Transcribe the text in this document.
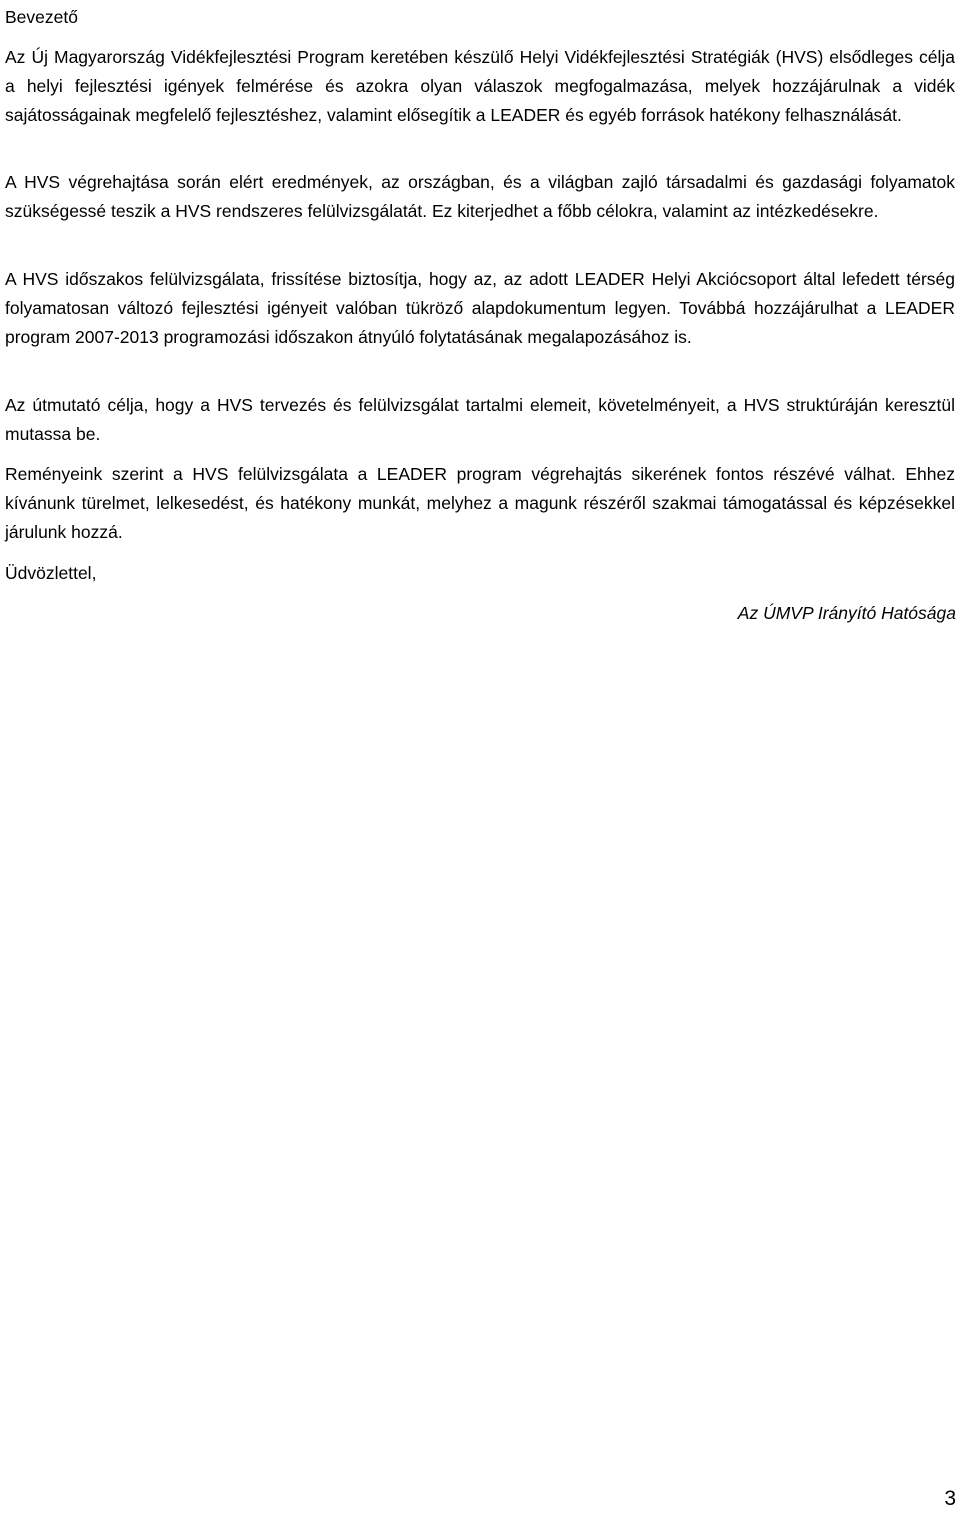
Bevezető

Az Új Magyarország Vidékfejlesztési Program keretében készülő Helyi Vidékfejlesztési Stratégiák (HVS) elsődleges célja a helyi fejlesztési igények felmérése és azokra olyan válaszok megfogalmazása, melyek hozzájárulnak a vidék sajátosságainak megfelelő fejlesztéshez, valamint elősegítik a LEADER és egyéb források hatékony felhasználását.

A HVS végrehajtása során elért eredmények, az országban, és a világban zajló társadalmi és gazdasági folyamatok szükségessé teszik a HVS rendszeres felülvizsgálatát. Ez kiterjedhet a főbb célokra, valamint az intézkedésekre.

A HVS időszakos felülvizsgálata, frissítése biztosítja, hogy az, az adott LEADER Helyi Akciócsoport által lefedett térség folyamatosan változó fejlesztési igényeit valóban tükröző alapdokumentum legyen. Továbbá hozzájárulhat a LEADER program 2007-2013 programozási időszakon átnyúló folytatásának megalapozásához is.

Az útmutató célja, hogy a HVS tervezés és felülvizsgálat tartalmi elemeit, követelményeit, a HVS struktúráján keresztül mutassa be.

Reményeink szerint a HVS felülvizsgálata a LEADER program végrehajtás sikerének fontos részévé válhat. Ehhez kívánunk türelmet, lelkesedést, és hatékony munkát, melyhez a magunk részéről szakmai támogatással és képzésekkel járulunk hozzá.

Üdvözlettel,

Az ÚMVP Irányító Hatósága

3
